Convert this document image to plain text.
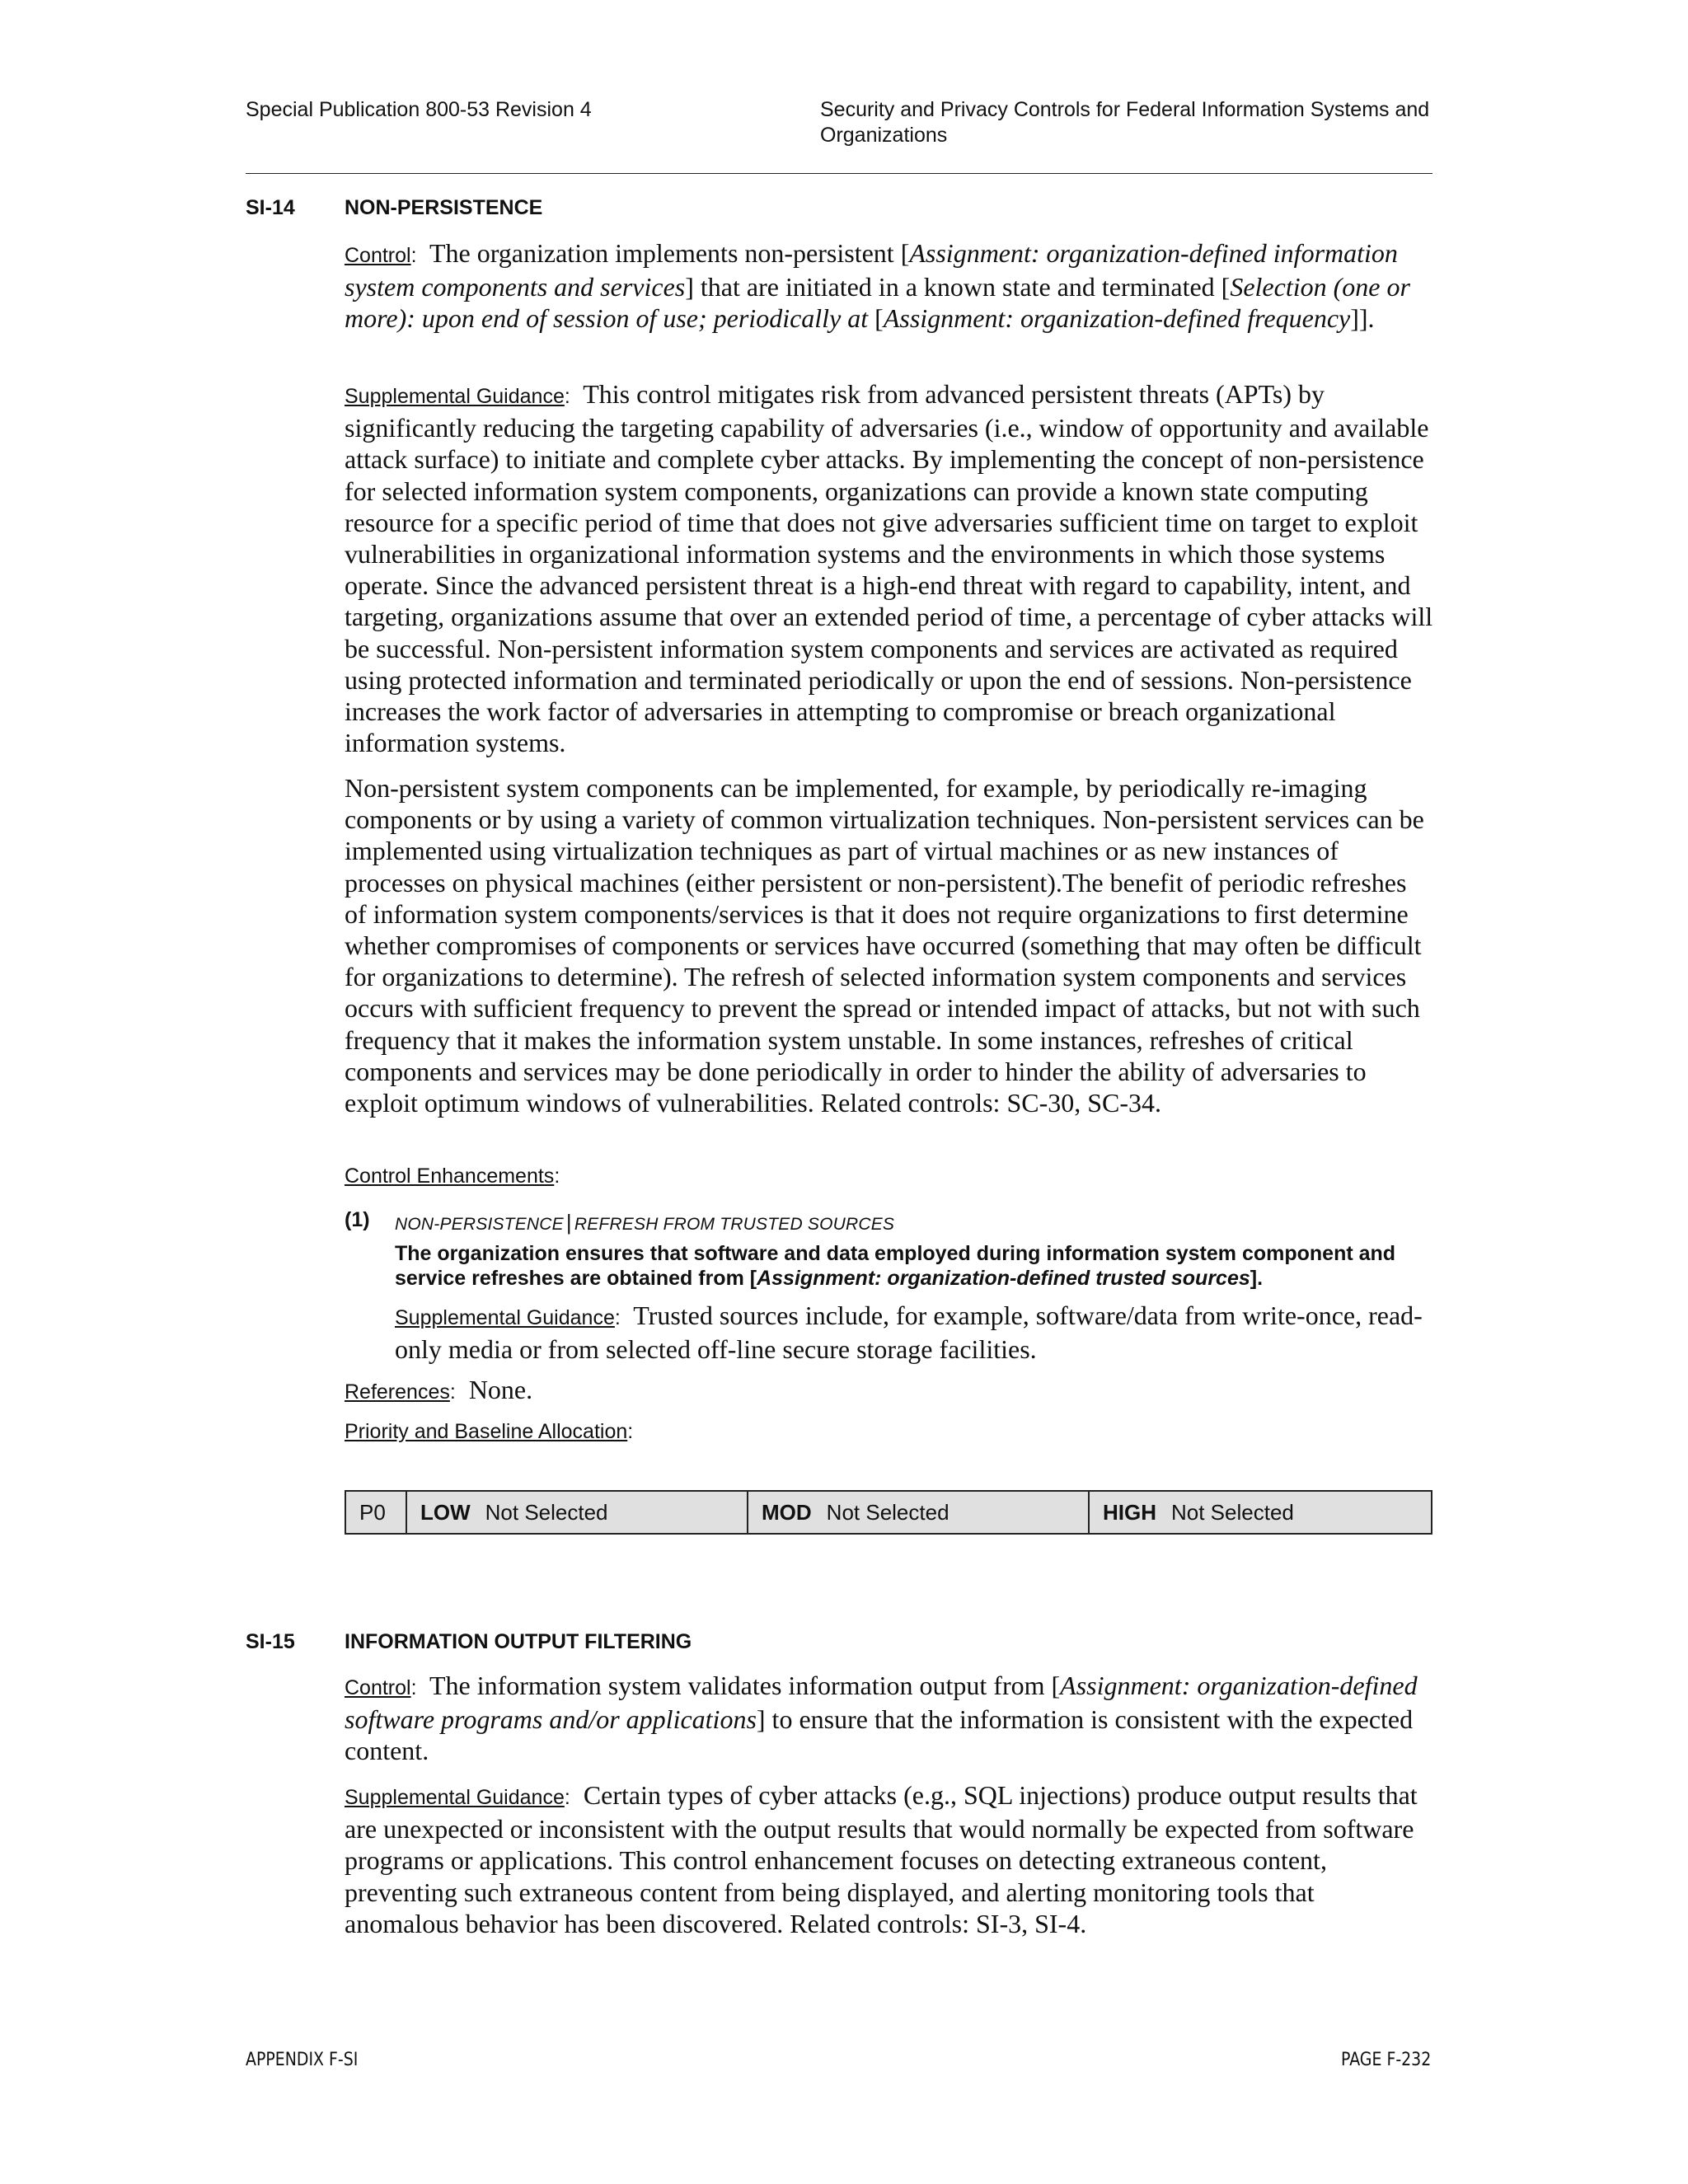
Special Publication 800-53 Revision 4	Security and Privacy Controls for Federal Information Systems and Organizations
SI-14 NON-PERSISTENCE

Control: The organization implements non-persistent [Assignment: organization-defined information system components and services] that are initiated in a known state and terminated [Selection (one or more): upon end of session of use; periodically at [Assignment: organization-defined frequency]].

Supplemental Guidance: This control mitigates risk from advanced persistent threats (APTs) by significantly reducing the targeting capability of adversaries (i.e., window of opportunity and available attack surface) to initiate and complete cyber attacks. By implementing the concept of non-persistence for selected information system components, organizations can provide a known state computing resource for a specific period of time that does not give adversaries sufficient time on target to exploit vulnerabilities in organizational information systems and the environments in which those systems operate. Since the advanced persistent threat is a high-end threat with regard to capability, intent, and targeting, organizations assume that over an extended period of time, a percentage of cyber attacks will be successful. Non-persistent information system components and services are activated as required using protected information and terminated periodically or upon the end of sessions. Non-persistence increases the work factor of adversaries in attempting to compromise or breach organizational information systems.

Non-persistent system components can be implemented, for example, by periodically re-imaging components or by using a variety of common virtualization techniques. Non-persistent services can be implemented using virtualization techniques as part of virtual machines or as new instances of processes on physical machines (either persistent or non-persistent).The benefit of periodic refreshes of information system components/services is that it does not require organizations to first determine whether compromises of components or services have occurred (something that may often be difficult for organizations to determine). The refresh of selected information system components and services occurs with sufficient frequency to prevent the spread or intended impact of attacks, but not with such frequency that it makes the information system unstable. In some instances, refreshes of critical components and services may be done periodically in order to hinder the ability of adversaries to exploit optimum windows of vulnerabilities. Related controls: SC-30, SC-34.

Control Enhancements:
(1) NON-PERSISTENCE | REFRESH FROM TRUSTED SOURCES

The organization ensures that software and data employed during information system component and service refreshes are obtained from [Assignment: organization-defined trusted sources].

Supplemental Guidance: Trusted sources include, for example, software/data from write-once, read-only media or from selected off-line secure storage facilities.

References: None.

Priority and Baseline Allocation:
P0	LOW Not Selected	MOD Not Selected	HIGH Not Selected
SI-15 INFORMATION OUTPUT FILTERING

Control: The information system validates information output from [Assignment: organization-defined software programs and/or applications] to ensure that the information is consistent with the expected content.

Supplemental Guidance: Certain types of cyber attacks (e.g., SQL injections) produce output results that are unexpected or inconsistent with the output results that would normally be expected from software programs or applications. This control enhancement focuses on detecting extraneous content, preventing such extraneous content from being displayed, and alerting monitoring tools that anomalous behavior has been discovered. Related controls: SI-3, SI-4.

APPENDIX F-SI	PAGE F-232
